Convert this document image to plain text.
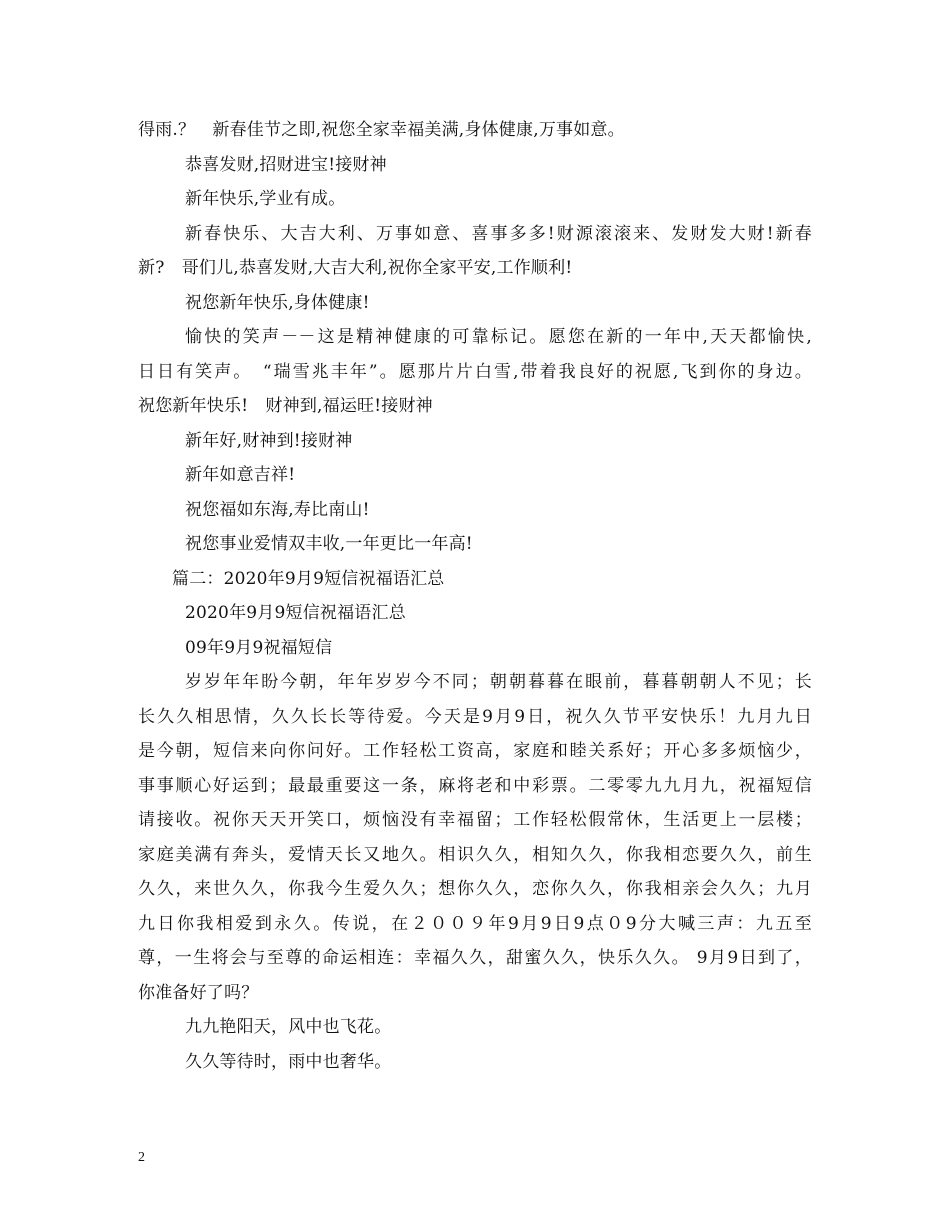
得雨.？　新春佳节之即,祝您全家幸福美满,身体健康,万事如意。
恭喜发财,招财进宝!接财神
新年快乐,学业有成。
新春快乐、大吉大利、万事如意、喜事多多!财源滚滚来、发财发大财!新春
新?　哥们儿,恭喜发财,大吉大利,祝你全家平安,工作顺利!
祝您新年快乐,身体健康!
愉快的笑声－－这是精神健康的可靠标记。愿您在新的一年中,天天都愉快,
日日有笑声。　“瑞雪兆丰年”。愿那片片白雪,带着我良好的祝愿,飞到你的身边。
祝您新年快乐!　财神到,福运旺!接财神
新年好,财神到!接财神
新年如意吉祥!
祝您福如东海,寿比南山!
祝您事业爱情双丰收,一年更比一年高!
篇二：2020年9月9短信祝福语汇总
2020年9月9短信祝福语汇总
09年9月9祝福短信
岁岁年年盼今朝，年年岁岁今不同；朝朝暮暮在眼前，暮暮朝朝人不见；长
长久久相思情，久久长长等待爱。今天是9月9日，祝久久节平安快乐！九月九日
是今朝，短信来向你问好。工作轻松工资高，家庭和睦关系好；开心多多烦恼少，
事事顺心好运到；最最重要这一条，麻将老和中彩票。二零零九九月九，祝福短信
请接收。祝你天天开笑口，烦恼没有幸福留；工作轻松假常休，生活更上一层楼；
家庭美满有奔头，爱情天长又地久。相识久久，相知久久，你我相恋要久久，前生
久久，来世久久，你我今生爱久久；想你久久，恋你久久，你我相亲会久久；九月
九日你我相爱到永久。传说，在２００９年9月9日9点０9分大喊三声：九五至
尊，一生将会与至尊的命运相连：幸福久久，甜蜜久久，快乐久久。 9月9日到了，
你准备好了吗？
九九艳阳天，风中也飞花。
久久等待时，雨中也奢华。
2
